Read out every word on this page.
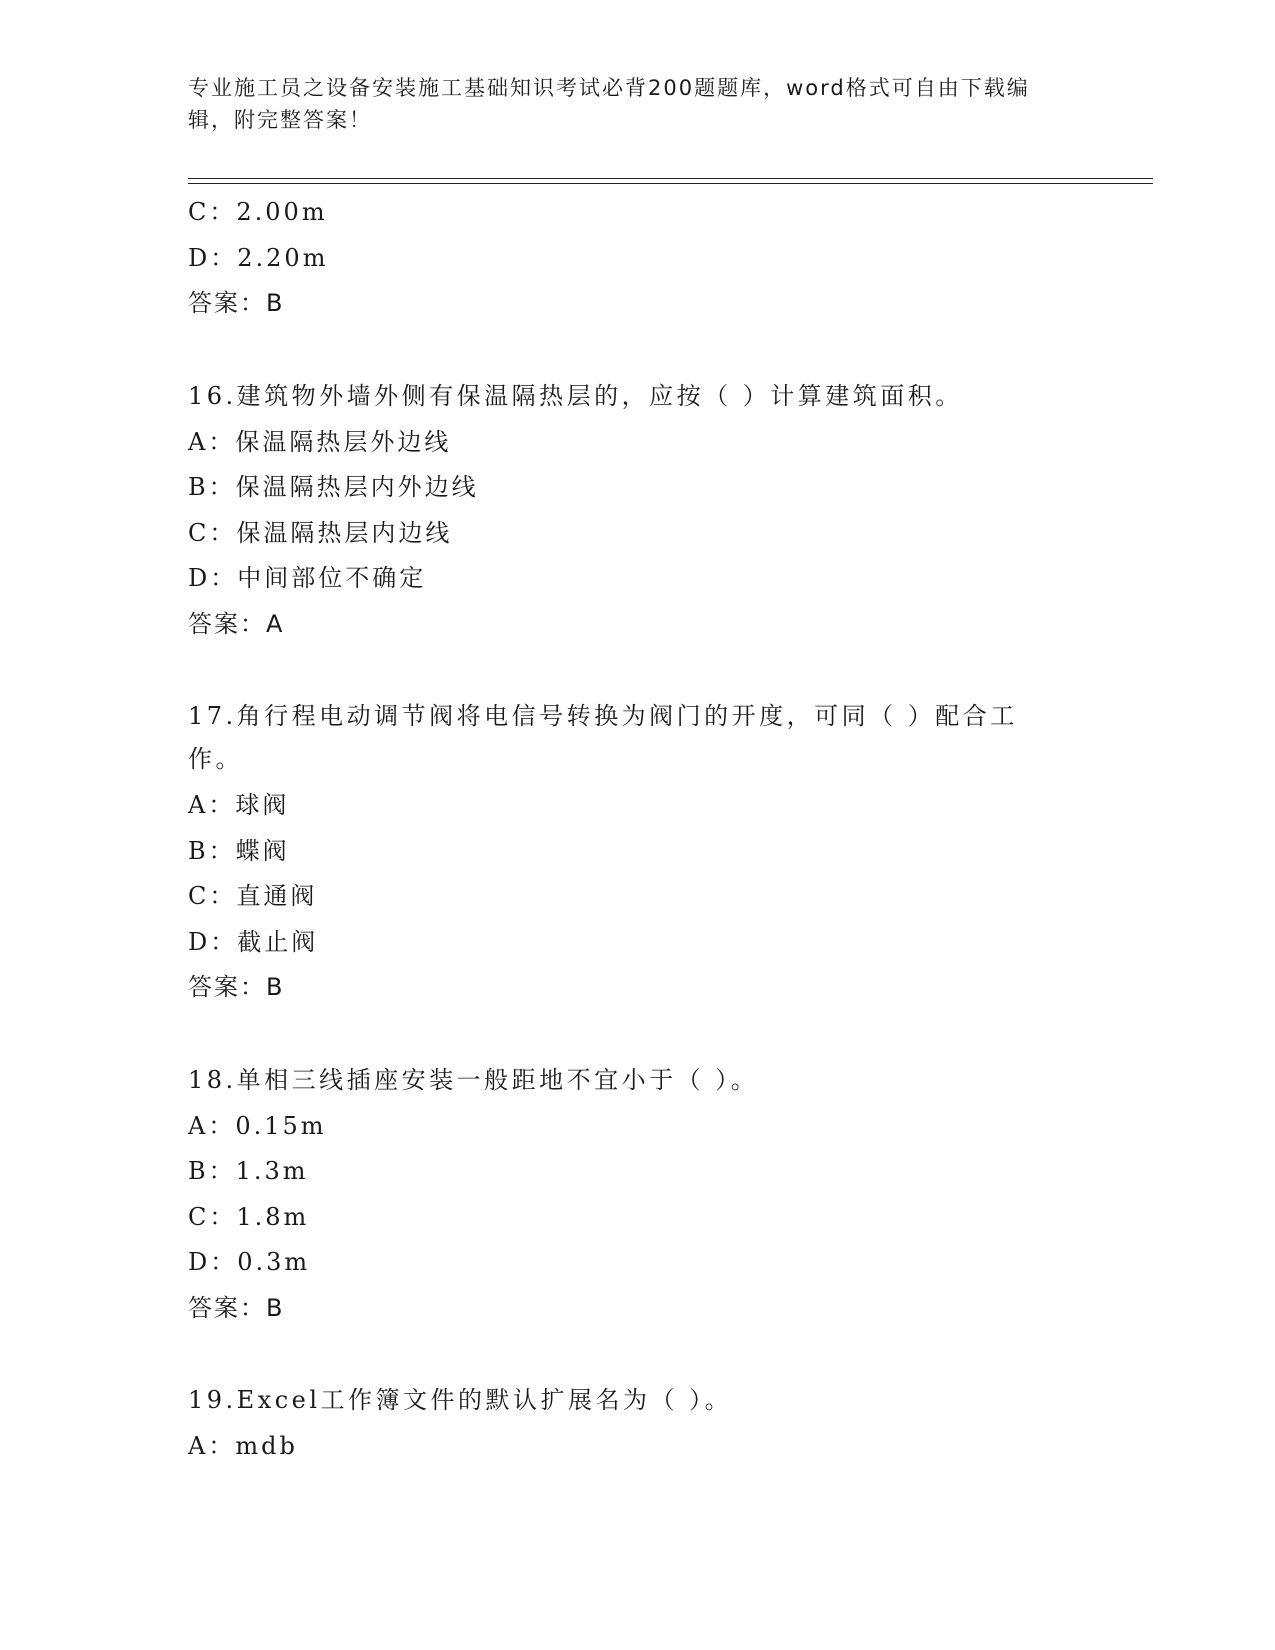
专业施工员之设备安装施工基础知识考试必背200题题库，word格式可自由下载编辑，附完整答案！
C：2.00m
D：2.20m
答案：B
16.建筑物外墙外侧有保温隔热层的，应按（ ）计算建筑面积。
A：保温隔热层外边线
B：保温隔热层内外边线
C：保温隔热层内边线
D：中间部位不确定
答案：A
17.角行程电动调节阀将电信号转换为阀门的开度，可同（ ）配合工作。
A：球阀
B：蝶阀
C：直通阀
D：截止阀
答案：B
18.单相三线插座安装一般距地不宜小于（ ）。
A：0.15m
B：1.3m
C：1.8m
D：0.3m
答案：B
19.Excel工作簿文件的默认扩展名为（ ）。
A：mdb
